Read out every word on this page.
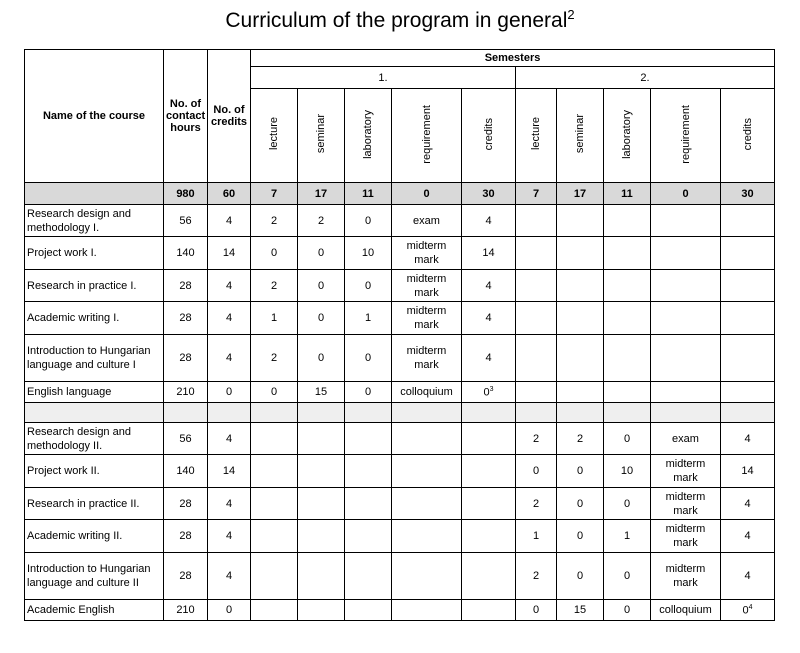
Curriculum of the program in general$^2$
Name of the course	No. of contact hours	No. of credits	Semesters									
			1.					2.				
			lecture	seminar	laboratory	requirement	credits	lecture	seminar	laboratory	requirement	credits
	980	60	7	17	11	0	30	7	17	11	0	30
Research design and methodology I.	56	4	2	2	0	exam	4					
Project work I.	140	14	0	0	10	midterm mark	14					
Research in practice I.	28	4	2	0	0	midterm mark	4					
Academic writing I.	28	4	1	0	1	midterm mark	4					
Introduction to Hungarian language and culture I	28	4	2	0	0	midterm mark	4					
English language	210	0	0	15	0	colloquium	$0^3$					

Research design and methodology II.	56	4						2	2	0	exam	4
Project work II.	140	14						0	0	10	midterm mark	14
Research in practice II.	28	4						2	0	0	midterm mark	4
Academic writing II.	28	4						1	0	1	midterm mark	4
Introduction to Hungarian language and culture II	28	4						2	0	0	midterm mark	4
Academic English	210	0						0	15	0	colloquium	$0^4$
